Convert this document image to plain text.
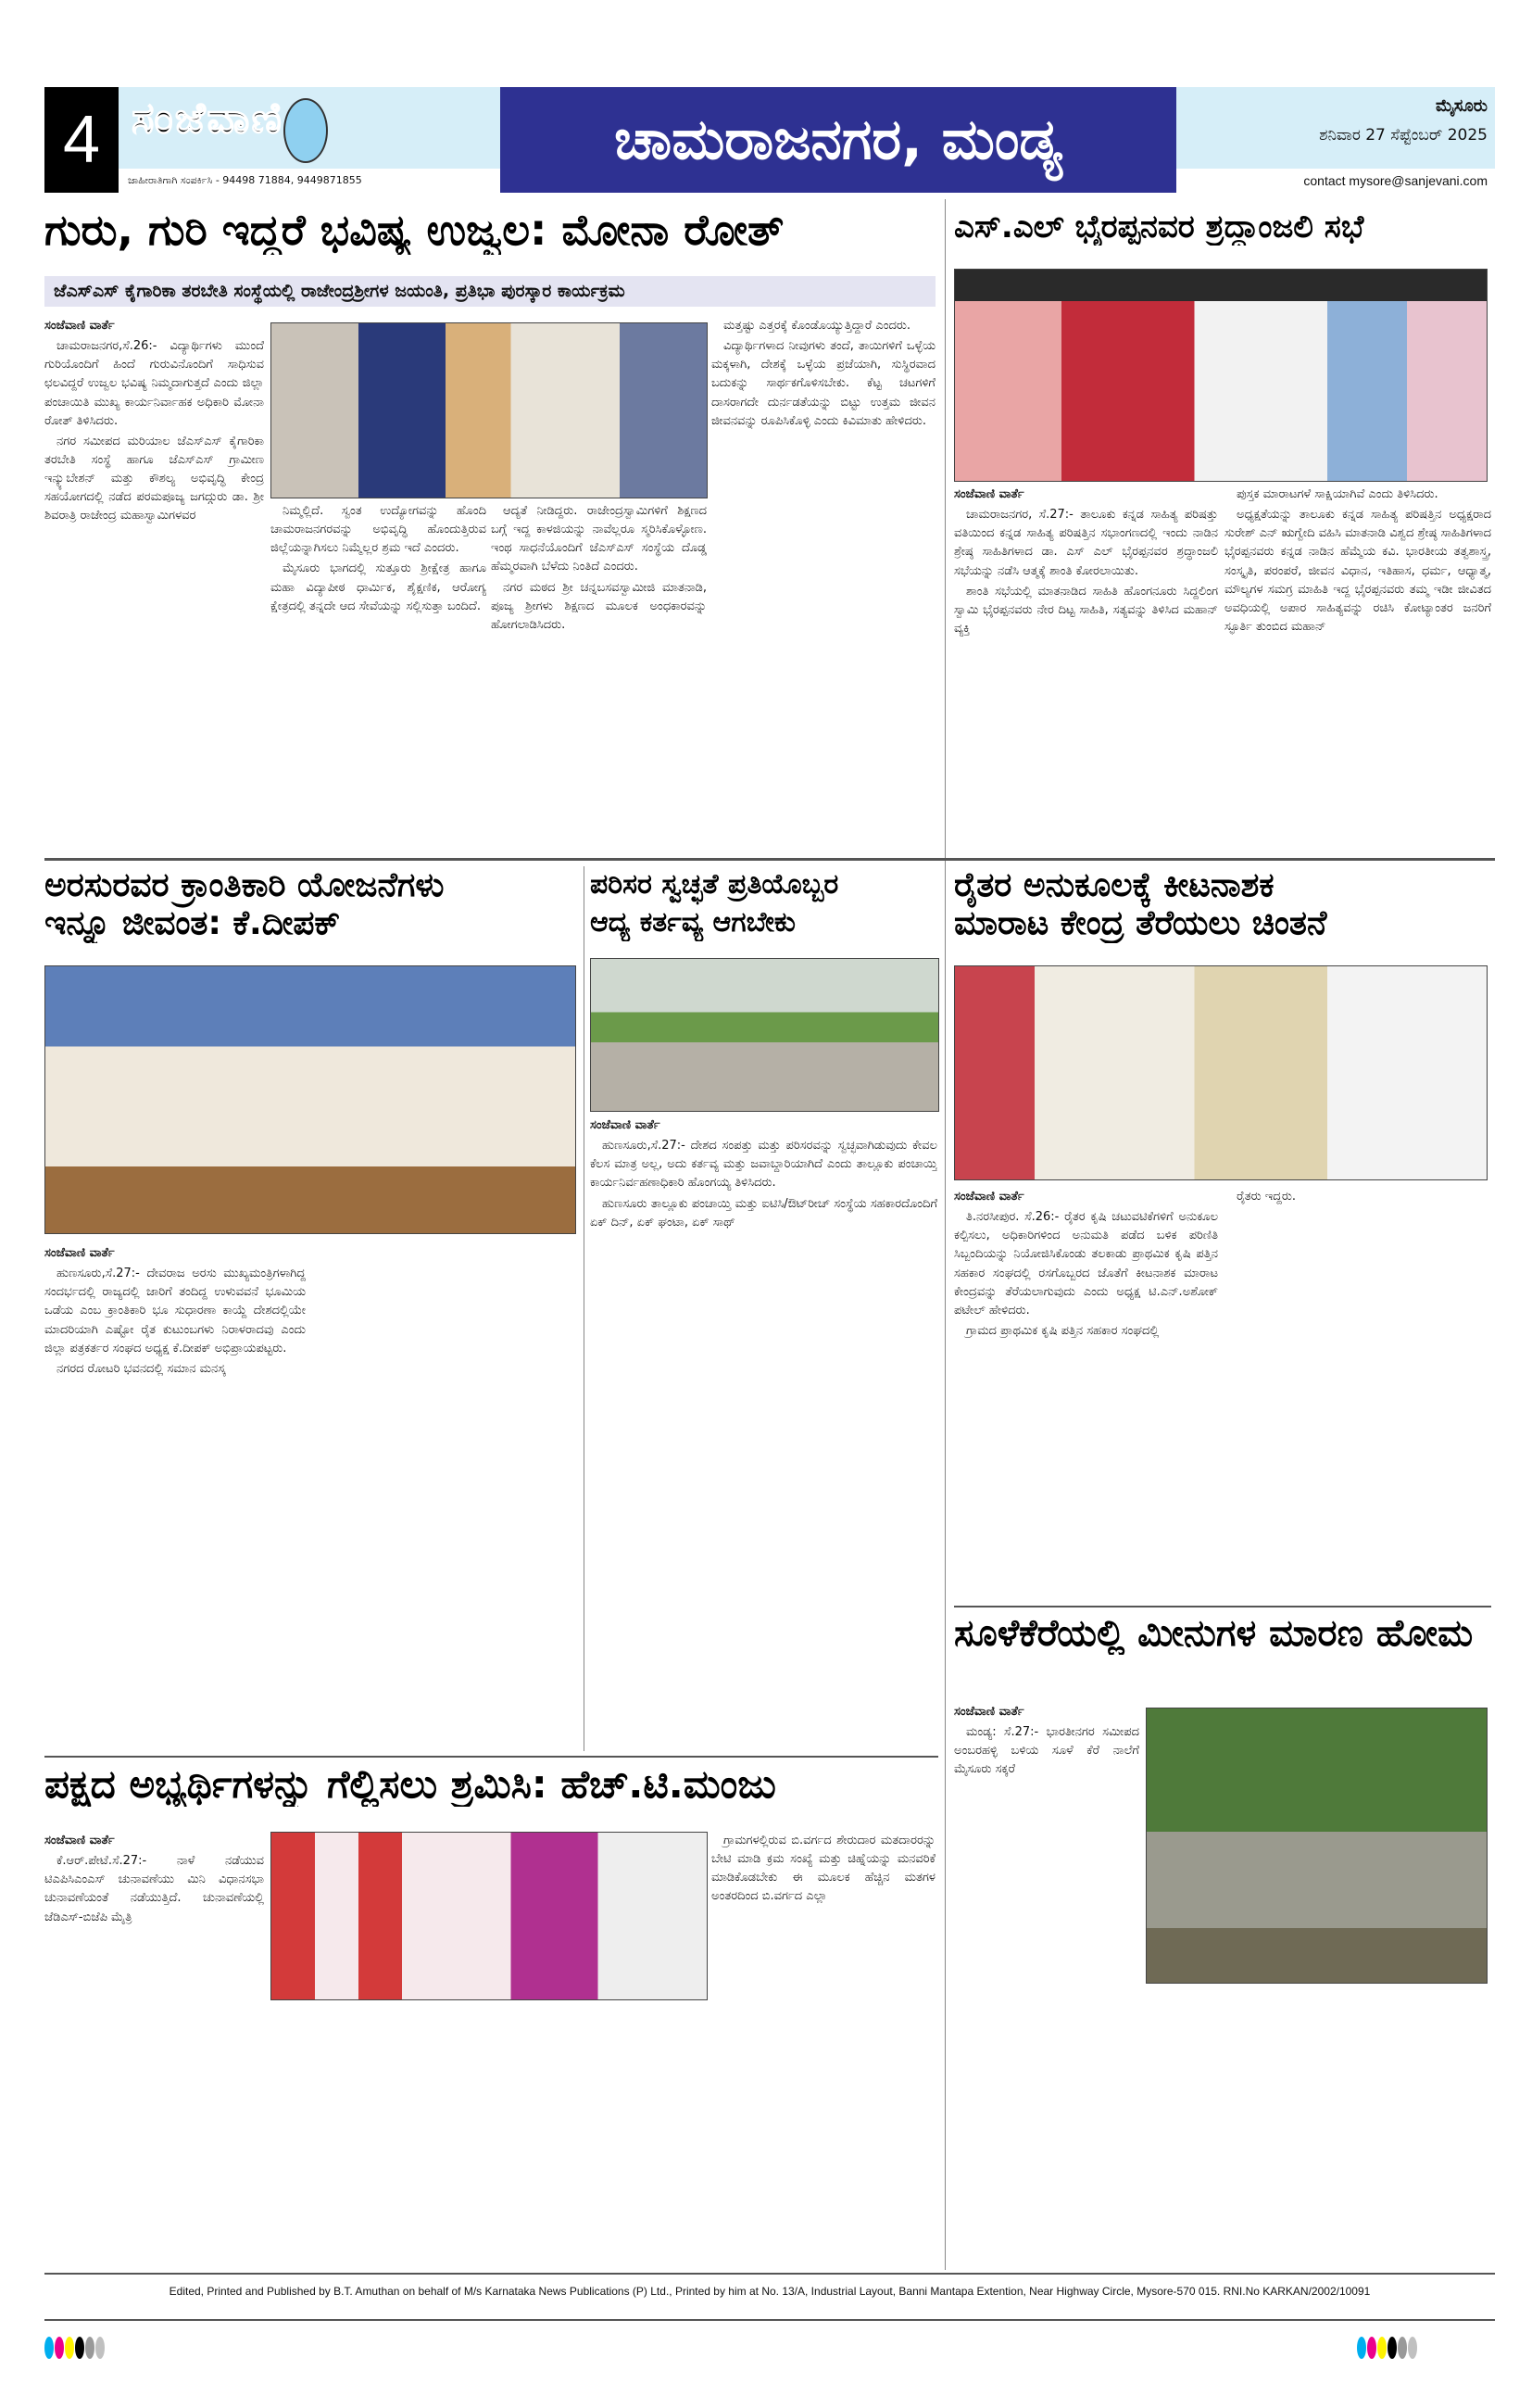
4 ಸಂಜೆವಾಣಿ
ಜಾಹೀರಾತಿಗಾಗಿ ಸಂಪರ್ಕಿಸಿ - 94498 71884, 9449871855
ಚಾಮರಾಜನಗರ, ಮಂಡ್ಯ
ಮೈಸೂರು
ಶನಿವಾರ 27 ಸೆಪ್ಟೆಂಬರ್ 2025
contact mysore@sanjevani.com
ಗುರು, ಗುರಿ ಇದ್ದರೆ ಭವಿಷ್ಯ ಉಜ್ವಲ: ಮೋನಾ ರೋತ್
ಜೆಎಸ್‌ಎಸ್ ಕೈಗಾರಿಕಾ ತರಬೇತಿ ಸಂಸ್ಥೆಯಲ್ಲಿ ರಾಜೇಂದ್ರಶ್ರೀಗಳ ಜಯಂತಿ, ಪ್ರತಿಭಾ ಪುರಸ್ಕಾರ ಕಾರ್ಯಕ್ರಮ

ಸಂಜೆವಾಣಿ ವಾರ್ತೆ

ಚಾಮರಾಜನಗರ,ಸೆ.26:- ವಿದ್ಯಾರ್ಥಿಗಳು ಮುಂದೆ ಗುರಿಯೊಂದಿಗೆ ಹಿಂದೆ ಗುರುವಿನೊಂದಿಗೆ ಸಾಧಿಸುವ ಛಲವಿದ್ದರೆ ಉಜ್ವಲ ಭವಿಷ್ಯ ನಿಮ್ಮದಾಗುತ್ತದೆ ಎಂದು ಜಿಲ್ಲಾ ಪಂಚಾಯಿತಿ ಮುಖ್ಯ ಕಾರ್ಯನಿರ್ವಾಹಕ ಅಧಿಕಾರಿ ಮೋನಾ ರೋತ್ ತಿಳಿಸಿದರು.

ನಗರ ಸಮೀಪದ ಮರಿಯಾಲ ಜೆಎಸ್‌ಎಸ್ ಕೈಗಾರಿಕಾ ತರಬೇತಿ ಸಂಸ್ಥೆ ಹಾಗೂ ಜೆಎಸ್‌ಎಸ್ ಗ್ರಾಮೀಣ ಇನ್ಕ್ಯುಬೇಶನ್ ಮತ್ತು ಕೌಶಲ್ಯ ಅಭಿವೃದ್ಧಿ ಕೇಂದ್ರ ಸಹಯೋಗದಲ್ಲಿ ನಡೆದ ಪರಮಪೂಜ್ಯ ಜಗದ್ಗುರು ಡಾ. ಶ್ರೀ ಶಿವರಾತ್ರಿ ರಾಜೇಂದ್ರ ಮಹಾಸ್ವಾಮಿಗಳವರ	ನಿಮ್ಮಲ್ಲಿದೆ. ಸ್ವಂತ ಉದ್ಯೋಗವನ್ನು ಹೊಂದಿ ಚಾಮರಾಜನಗರವನ್ನು ಅಭಿವೃದ್ಧಿ ಹೊಂದುತ್ತಿರುವ ಜಿಲ್ಲೆಯನ್ನಾಗಿಸಲು ನಿಮ್ಮೆಲ್ಲರ ಶ್ರಮ ಇದೆ ಎಂದರು.

ಮೈಸೂರು ಭಾಗದಲ್ಲಿ ಸುತ್ತೂರು ಶ್ರೀಕ್ಷೇತ್ರ ಹಾಗೂ ಮಹಾ ವಿದ್ಯಾಪೀಠ ಧಾರ್ಮಿಕ, ಶೈಕ್ಷಣಿಕ, ಆರೋಗ್ಯ ಕ್ಷೇತ್ರದಲ್ಲಿ ತನ್ನದೇ ಆದ ಸೇವೆಯನ್ನು ಸಲ್ಲಿಸುತ್ತಾ ಬಂದಿದೆ.

ಆದ್ಯತೆ ನೀಡಿದ್ದರು. ರಾಜೇಂದ್ರಸ್ವಾಮಿಗಳಿಗೆ ಶಿಕ್ಷಣದ ಬಗ್ಗೆ ಇದ್ದ ಕಾಳಜಿಯನ್ನು ನಾವೆಲ್ಲರೂ ಸ್ಮರಿಸಿಕೊಳ್ಳೋಣ. ಇಂಥ ಸಾಧನೆಯೊಂದಿಗೆ ಜೆಎಸ್‌ಎಸ್ ಸಂಸ್ಥೆಯ ದೊಡ್ಡ ಹೆಮ್ಮರವಾಗಿ ಬೆಳೆದು ನಿಂತಿದೆ ಎಂದರು.

ನಗರ ಮಠದ ಶ್ರೀ ಚನ್ನಬಸವಸ್ವಾಮೀಜಿ ಮಾತನಾಡಿ, ಪೂಜ್ಯ ಶ್ರೀಗಳು ಶಿಕ್ಷಣದ ಮೂಲಕ ಅಂಧಕಾರವನ್ನು ಹೋಗಲಾಡಿಸಿದರು.

ಮತ್ತಷ್ಟು ಎತ್ತರಕ್ಕೆ ಕೊಂಡೊಯ್ಯುತ್ತಿದ್ದಾರೆ ಎಂದರು.

ವಿದ್ಯಾರ್ಥಿಗಳಾದ ನೀವುಗಳು ತಂದೆ, ತಾಯಿಗಳಿಗೆ ಒಳ್ಳೆಯ ಮಕ್ಕಳಾಗಿ, ದೇಶಕ್ಕೆ ಒಳ್ಳೆಯ ಪ್ರಜೆಯಾಗಿ, ಸುಸ್ಥಿರವಾದ ಬದುಕನ್ನು ಸಾರ್ಥಕಗೊಳಿಸಬೇಕು. ಕೆಟ್ಟ ಚಟಗಳಿಗೆ ದಾಸರಾಗದೇ ದುರ್ನಡತೆಯನ್ನು ಬಿಟ್ಟು ಉತ್ತಮ ಜೀವನ ಜೀವನವನ್ನು ರೂಪಿಸಿಕೊಳ್ಳಿ ಎಂದು ಕಿವಿಮಾತು ಹೇಳಿದರು.

ಎಸ್.ಎಲ್ ಭೈರಪ್ಪನವರ ಶ್ರದ್ಧಾಂಜಲಿ ಸಭೆ

ಸಂಜೆವಾಣಿ ವಾರ್ತೆ

ಚಾಮರಾಜನಗರ, ಸೆ.27:- ತಾಲೂಕು ಕನ್ನಡ ಸಾಹಿತ್ಯ ಪರಿಷತ್ತು ವತಿಯಿಂದ ಕನ್ನಡ ಸಾಹಿತ್ಯ ಪರಿಷತ್ತಿನ ಸಭಾಂಗಣದಲ್ಲಿ ಇಂದು ನಾಡಿನ ಶ್ರೇಷ್ಠ ಸಾಹಿತಿಗಳಾದ ಡಾ. ಎಸ್ ಎಲ್ ಭೈರಪ್ಪನವರ ಶ್ರದ್ಧಾಂಜಲಿ ಸಭೆಯನ್ನು ನಡೆಸಿ ಆತ್ಮಕ್ಕೆ ಶಾಂತಿ ಕೋರಲಾಯಿತು.

ಶಾಂತಿ ಸಭೆಯಲ್ಲಿ ಮಾತನಾಡಿದ ಸಾಹಿತಿ ಹೊಂಗನೂರು ಸಿದ್ದಲಿಂಗ ಸ್ವಾಮಿ ಭೈರಪ್ಪನವರು ನೇರ ದಿಟ್ಟ ಸಾಹಿತಿ, ಸತ್ಯವನ್ನು ತಿಳಿಸಿದ ಮಹಾನ್ ವ್ಯಕ್ತಿ

ಪುಸ್ತಕ ಮಾರಾಟಗಳೆ ಸಾಕ್ಷಿಯಾಗಿವೆ ಎಂದು ತಿಳಿಸಿದರು.

ಅಧ್ಯಕ್ಷತೆಯನ್ನು ತಾಲೂಕು ಕನ್ನಡ ಸಾಹಿತ್ಯ ಪರಿಷತ್ತಿನ ಅಧ್ಯಕ್ಷರಾದ ಸುರೇಶ್ ಎನ್ ಋಗ್ವೇದಿ ವಹಿಸಿ ಮಾತನಾಡಿ ವಿಶ್ವದ ಶ್ರೇಷ್ಠ ಸಾಹಿತಿಗಳಾದ ಭೈರಪ್ಪನವರು ಕನ್ನಡ ನಾಡಿನ ಹೆಮ್ಮೆಯ ಕವಿ. ಭಾರತೀಯ ತತ್ವಶಾಸ್ತ್ರ, ಸಂಸ್ಕೃತಿ, ಪರಂಪರೆ, ಜೀವನ ವಿಧಾನ, ಇತಿಹಾಸ, ಧರ್ಮ, ಆಧ್ಯಾತ್ಮ, ಮೌಲ್ಯಗಳ ಸಮಗ್ರ ಮಾಹಿತಿ ಇದ್ದ ಭೈರಪ್ಪನವರು ತಮ್ಮ ಇಡೀ ಜೀವಿತದ ಅವಧಿಯಲ್ಲಿ ಅಪಾರ ಸಾಹಿತ್ಯವನ್ನು ರಚಿಸಿ ಕೋಟ್ಯಾಂತರ ಜನರಿಗೆ ಸ್ಫೂರ್ತಿ ತುಂಬಿದ ಮಹಾನ್

ಅರಸುರವರ ಕ್ರಾಂತಿಕಾರಿ ಯೋಜನೆಗಳು
ಇನ್ನೂ ಜೀವಂತ: ಕೆ.ದೀಪಕ್

ಸಂಜೆವಾಣಿ ವಾರ್ತೆ

ಹುಣಸೂರು,ಸೆ.27:- ದೇವರಾಜ ಅರಸು ಮುಖ್ಯಮಂತ್ರಿಗಳಾಗಿದ್ದ ಸಂದರ್ಭದಲ್ಲಿ ರಾಜ್ಯದಲ್ಲಿ ಜಾರಿಗೆ ತಂದಿದ್ದ ಉಳುವವನೆ ಭೂಮಿಯ ಒಡೆಯ ಎಂಬ ಕ್ರಾಂತಿಕಾರಿ ಭೂ ಸುಧಾರಣಾ ಕಾಯ್ದೆ ದೇಶದಲ್ಲಿಯೇ ಮಾದರಿಯಾಗಿ ಎಷ್ಟೋ ರೈತ ಕುಟುಂಬಗಳು ನಿರಾಳರಾದವು ಎಂದು ಜಿಲ್ಲಾ ಪತ್ರಕರ್ತರ ಸಂಘದ ಅಧ್ಯಕ್ಷ ಕೆ.ದೀಪಕ್ ಅಭಿಪ್ರಾಯಪಟ್ಟರು.

ನಗರದ ರೋಟರಿ ಭವನದಲ್ಲಿ ಸಮಾನ ಮನಸ್ಕ

ಪರಿಸರ ಸ್ವಚ್ಛತೆ ಪ್ರತಿಯೊಬ್ಬರ
ಆದ್ಯ ಕರ್ತವ್ಯ ಆಗಬೇಕು

ಸಂಜೆವಾಣಿ ವಾರ್ತೆ

ಹುಣಸೂರು,ಸೆ.27:- ದೇಶದ ಸಂಪತ್ತು ಮತ್ತು ಪರಿಸರವನ್ನು ಸ್ವಚ್ಛವಾಗಿಡುವುದು ಕೇವಲ ಕೆಲಸ ಮಾತ್ರ ಅಲ್ಲ, ಅದು ಕರ್ತವ್ಯ ಮತ್ತು ಜವಾಬ್ದಾರಿಯಾಗಿದೆ ಎಂದು ತಾಲ್ಲೂಕು ಪಂಚಾಯ್ತಿ ಕಾರ್ಯನಿರ್ವಹಣಾಧಿಕಾರಿ ಹೊಂಗಯ್ಯ ತಿಳಿಸಿದರು.

ಹುಣಸೂರು ತಾಲ್ಲೂಕು ಪಂಚಾಯ್ತಿ ಮತ್ತು ಐಟಿಸಿ/ಔಟ್‌ರೀಚ್ ಸಂಸ್ಥೆಯ ಸಹಕಾರದೊಂದಿಗೆ ಏಕ್ ದಿನ್, ಏಕ್ ಘಂಟಾ, ಏಕ್ ಸಾಥ್

ರೈತರ ಅನುಕೂಲಕ್ಕೆ ಕೀಟನಾಶಕ
ಮಾರಾಟ ಕೇಂದ್ರ ತೆರೆಯಲು ಚಿಂತನೆ

ಸಂಜೆವಾಣಿ ವಾರ್ತೆ

ತಿ.ನರಸೀಪುರ. ಸೆ.26:- ರೈತರ ಕೃಷಿ ಚಟುವಟಿಕೆಗಳಿಗೆ ಅನುಕೂಲ ಕಲ್ಪಿಸಲು, ಅಧಿಕಾರಿಗಳಿಂದ ಅನುಮತಿ ಪಡೆದ ಬಳಿಕ ಪರಿಣಿತಿ ಸಿಬ್ಬಂದಿಯನ್ನು ನಿಯೋಜಿಸಿಕೊಂಡು ತಲಕಾಡು ಪ್ರಾಥಮಿಕ ಕೃಷಿ ಪತ್ತಿನ ಸಹಕಾರ ಸಂಘದಲ್ಲಿ ರಸಗೊಬ್ಬರದ ಜೊತೆಗೆ ಕೀಟನಾಶಕ ಮಾರಾಟ ಕೇಂದ್ರವನ್ನು ತೆರೆಯಲಾಗುವುದು ಎಂದು ಅಧ್ಯಕ್ಷ ಟಿ.ಎನ್.ಅಶೋಕ್ ಪಟೇಲ್ ಹೇಳಿದರು.

ಗ್ರಾಮದ ಪ್ರಾಥಮಿಕ ಕೃಷಿ ಪತ್ತಿನ ಸಹಕಾರ ಸಂಘದಲ್ಲಿ

ರೈತರು ಇದ್ದರು.

ಸೂಳೆಕೆರೆಯಲ್ಲಿ ಮೀನುಗಳ ಮಾರಣ ಹೋಮ

ಸಂಜೆವಾಣಿ ವಾರ್ತೆ

ಮಂಡ್ಯ: ಸೆ.27:- ಭಾರತೀನಗರ ಸಮೀಪದ ಅಂಬರಹಳ್ಳಿ ಬಳಿಯ ಸೂಳೆ ಕೆರೆ ನಾಲೆಗೆ ಮೈಸೂರು ಸಕ್ಕರೆ

ಪಕ್ಷದ ಅಭ್ಯರ್ಥಿಗಳನ್ನು ಗೆಲ್ಲಿಸಲು ಶ್ರಮಿಸಿ: ಹೆಚ್.ಟಿ.ಮಂಜು

ಸಂಜೆವಾಣಿ ವಾರ್ತೆ

ಕೆ.ಆರ್.ಪೇಟೆ.ಸೆ.27:- ನಾಳೆ ನಡೆಯುವ ಟಿಎಪಿಸಿಎಂಎಸ್ ಚುನಾವಣೆಯು ಮಿನಿ ವಿಧಾನಸಭಾ ಚುನಾವಣೆಯಂತೆ ನಡೆಯುತ್ತಿದೆ. ಚುನಾವಣೆಯಲ್ಲಿ ಜೆಡಿಎಸ್-ಬಿಜೆಪಿ ಮೈತ್ರಿ

ಗ್ರಾಮಗಳಲ್ಲಿರುವ ಬಿ.ವರ್ಗದ ಶೇರುದಾರ ಮತದಾರರನ್ನು ಬೇಟಿ ಮಾಡಿ ಕ್ರಮ ಸಂಖ್ಯೆ ಮತ್ತು ಚಿಹ್ನೆಯನ್ನು ಮನವರಿಕೆ ಮಾಡಿಕೊಡಬೇಕು ಈ ಮೂಲಕ ಹೆಚ್ಚಿನ ಮತಗಳ ಅಂತರದಿಂದ ಬಿ.ವರ್ಗದ ಎಲ್ಲಾ

Edited, Printed and Published by B.T. Amuthan on behalf of M/s Karnataka News Publications (P) Ltd., Printed by him at No. 13/A, Industrial Layout, Banni Mantapa Extention, Near Highway Circle, Mysore-570 015. RNI.No KARKAN/2002/10091
